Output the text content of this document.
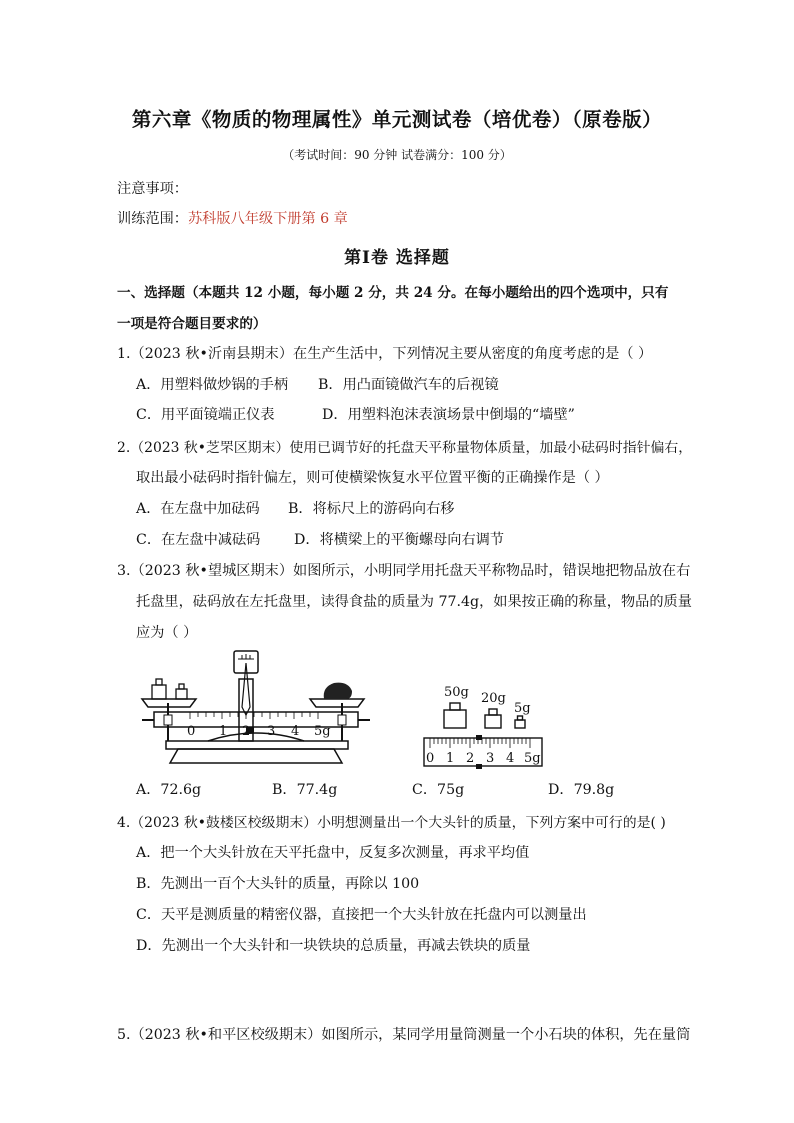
第六章《物质的物理属性》单元测试卷（培优卷）（原卷版）
（考试时间：90 分钟 试卷满分：100 分）
注意事项：
训练范围：苏科版八年级下册第 6 章
第Ⅰ卷 选择题
一、选择题（本题共 12 小题，每小题 2 分，共 24 分。在每小题给出的四个选项中，只有
一项是符合题目要求的）
1.（2023 秋•沂南县期末）在生产生活中，下列情况主要从密度的角度考虑的是（ ）
A．用塑料做炒锅的手柄 B．用凸面镜做汽车的后视镜
C．用平面镜端正仪表	D．用塑料泡沫表演场景中倒塌的“墙壁”
2.（2023 秋•芝罘区期末）使用已调节好的托盘天平称量物体质量，加最小砝码时指针偏右，
取出最小砝码时指针偏左，则可使横梁恢复水平位置平衡的正确操作是（ ）
A．在左盘中加砝码 B．将标尺上的游码向右移
C．在左盘中减砝码 D．将横梁上的平衡螺母向右调节
3.（2023 秋•望城区期末）如图所示，小明同学用托盘天平称物品时，错误地把物品放在右
托盘里，砝码放在左托盘里，读得食盐的质量为 77.4g，如果按正确的称量，物品的质量
应为（ ）
0 1 2 3 4 5g
50g 20g
5g
0 1 2 3 4 5g
A．72.6g	B．77.4g	C．75g	D．79.8g
4.（2023 秋•鼓楼区校级期末）小明想测量出一个大头针的质量，下列方案中可行的是( )
A．把一个大头针放在天平托盘中，反复多次测量，再求平均值
B．先测出一百个大头针的质量，再除以 100
C．天平是测质量的精密仪器，直接把一个大头针放在托盘内可以测量出
D．先测出一个大头针和一块铁块的总质量，再减去铁块的质量
5.（2023 秋•和平区校级期末）如图所示，某同学用量筒测量一个小石块的体积，先在量筒
